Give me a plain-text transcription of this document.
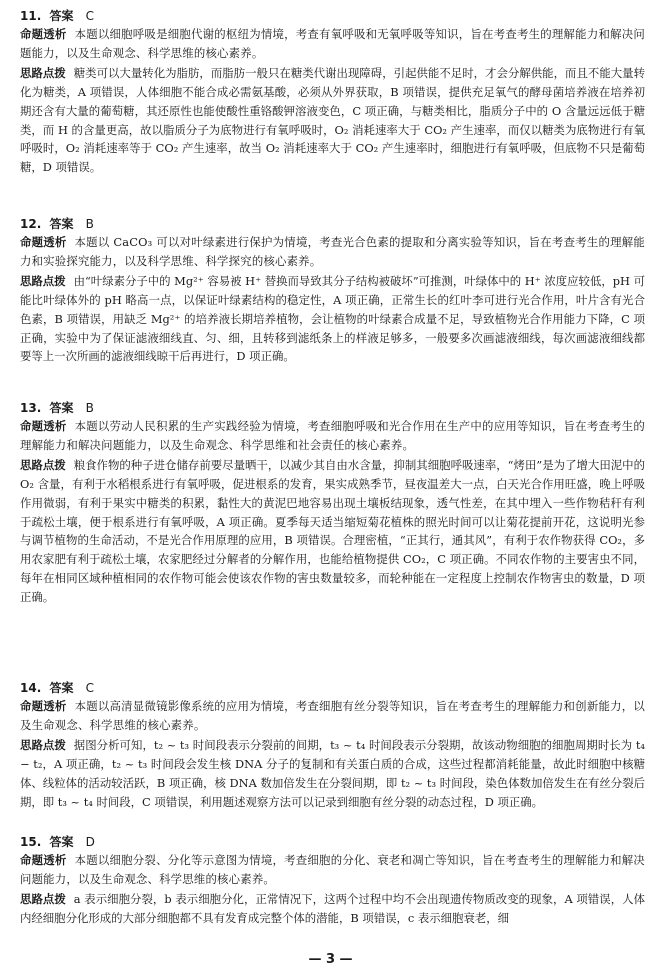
11. 答案 C

命题透析 本题以细胞呼吸是细胞代谢的枢纽为情境，考查有氧呼吸和无氧呼吸等知识，旨在考查考生的理解能力和解决问题能力，以及生命观念、科学思维的核心素养。

思路点拨 糖类可以大量转化为脂肪，而脂肪一般只在糖类代谢出现障碍，引起供能不足时，才会分解供能，而且不能大量转化为糖类，A 项错误，人体细胞不能合成必需氨基酸，必须从外界获取，B 项错误，提供充足氧气的酵母菌培养液在培养初期还含有大量的葡萄糖，其还原性也能使酸性重铬酸钾溶液变色，C 项正确，与糖类相比，脂质分子中的 O 含量远远低于糖类，而 H 的含量更高，故以脂质分子为底物进行有氧呼吸时，O₂ 消耗速率大于 CO₂ 产生速率，而仅以糖类为底物进行有氧呼吸时，O₂ 消耗速率等于 CO₂ 产生速率，故当 O₂ 消耗速率大于 CO₂ 产生速率时，细胞进行有氧呼吸，但底物不只是葡萄糖，D 项错误。

12. 答案 B

命题透析 本题以 CaCO₃ 可以对叶绿素进行保护为情境，考查光合色素的提取和分离实验等知识，旨在考查考生的理解能力和实验探究能力，以及科学思维、科学探究的核心素养。

思路点拨 由“叶绿素分子中的 Mg²⁺ 容易被 H⁺ 替换而导致其分子结构被破坏”可推测，叶绿体中的 H⁺ 浓度应较低，pH 可能比叶绿体外的 pH 略高一点，以保证叶绿素结构的稳定性，A 项正确，正常生长的红叶李可进行光合作用，叶片含有光合色素，B 项错误，用缺乏 Mg²⁺ 的培养液长期培养植物，会让植物的叶绿素合成量不足，导致植物光合作用能力下降，C 项正确，实验中为了保证滤液细线直、匀、细，且转移到滤纸条上的样液足够多，一般要多次画滤液细线，每次画滤液细线都要等上一次所画的滤液细线晾干后再进行，D 项正确。

13. 答案 B

命题透析 本题以劳动人民积累的生产实践经验为情境，考查细胞呼吸和光合作用在生产中的应用等知识，旨在考查考生的理解能力和解决问题能力，以及生命观念、科学思维和社会责任的核心素养。

思路点拨 粮食作物的种子进仓储存前要尽量晒干，以减少其自由水含量，抑制其细胞呼吸速率，“烤田”是为了增大田泥中的 O₂ 含量，有利于水稻根系进行有氧呼吸，促进根系的发育，果实成熟季节，昼夜温差大一点，白天光合作用旺盛，晚上呼吸作用微弱，有利于果实中糖类的积累，黏性大的黄泥巴地容易出现土壤板结现象，透气性差，在其中埋入一些作物秸秆有利于疏松土壤，便于根系进行有氧呼吸，A 项正确。夏季每天适当缩短菊花植株的照光时间可以让菊花提前开花，这说明光参与调节植物的生命活动，不是光合作用原理的应用，B 项错误。合理密植，“正其行，通其风”，有利于农作物获得 CO₂，多用农家肥有利于疏松土壤，农家肥经过分解者的分解作用，也能给植物提供 CO₂，C 项正确。不同农作物的主要害虫不同，每年在相同区域种植相同的农作物可能会使该农作物的害虫数量较多，而轮种能在一定程度上控制农作物害虫的数量，D 项正确。

14. 答案 C

命题透析 本题以高清显微镜影像系统的应用为情境，考查细胞有丝分裂等知识，旨在考查考生的理解能力和创新能力，以及生命观念、科学思维的核心素养。

思路点拨 据图分析可知，t₂ ~ t₃ 时间段表示分裂前的间期，t₃ ~ t₄ 时间段表示分裂期，故该动物细胞的细胞周期时长为 t₄ − t₂，A 项正确，t₂ ~ t₃ 时间段会发生核 DNA 分子的复制和有关蛋白质的合成，这些过程都消耗能量，故此时细胞中核糖体、线粒体的活动较活跃，B 项正确，核 DNA 数加倍发生在分裂间期，即 t₂ ~ t₃ 时间段，染色体数加倍发生在有丝分裂后期，即 t₃ ~ t₄ 时间段，C 项错误，利用题述观察方法可以记录到细胞有丝分裂的动态过程，D 项正确。

15. 答案 D

命题透析 本题以细胞分裂、分化等示意图为情境，考查细胞的分化、衰老和凋亡等知识，旨在考查考生的理解能力和解决问题能力，以及生命观念、科学思维的核心素养。

思路点拨 a 表示细胞分裂，b 表示细胞分化，正常情况下，这两个过程中均不会出现遗传物质改变的现象，A 项错误，人体内经细胞分化形成的大部分细胞都不具有发育成完整个体的潜能，B 项错误，c 表示细胞衰老，细

— 3 —
